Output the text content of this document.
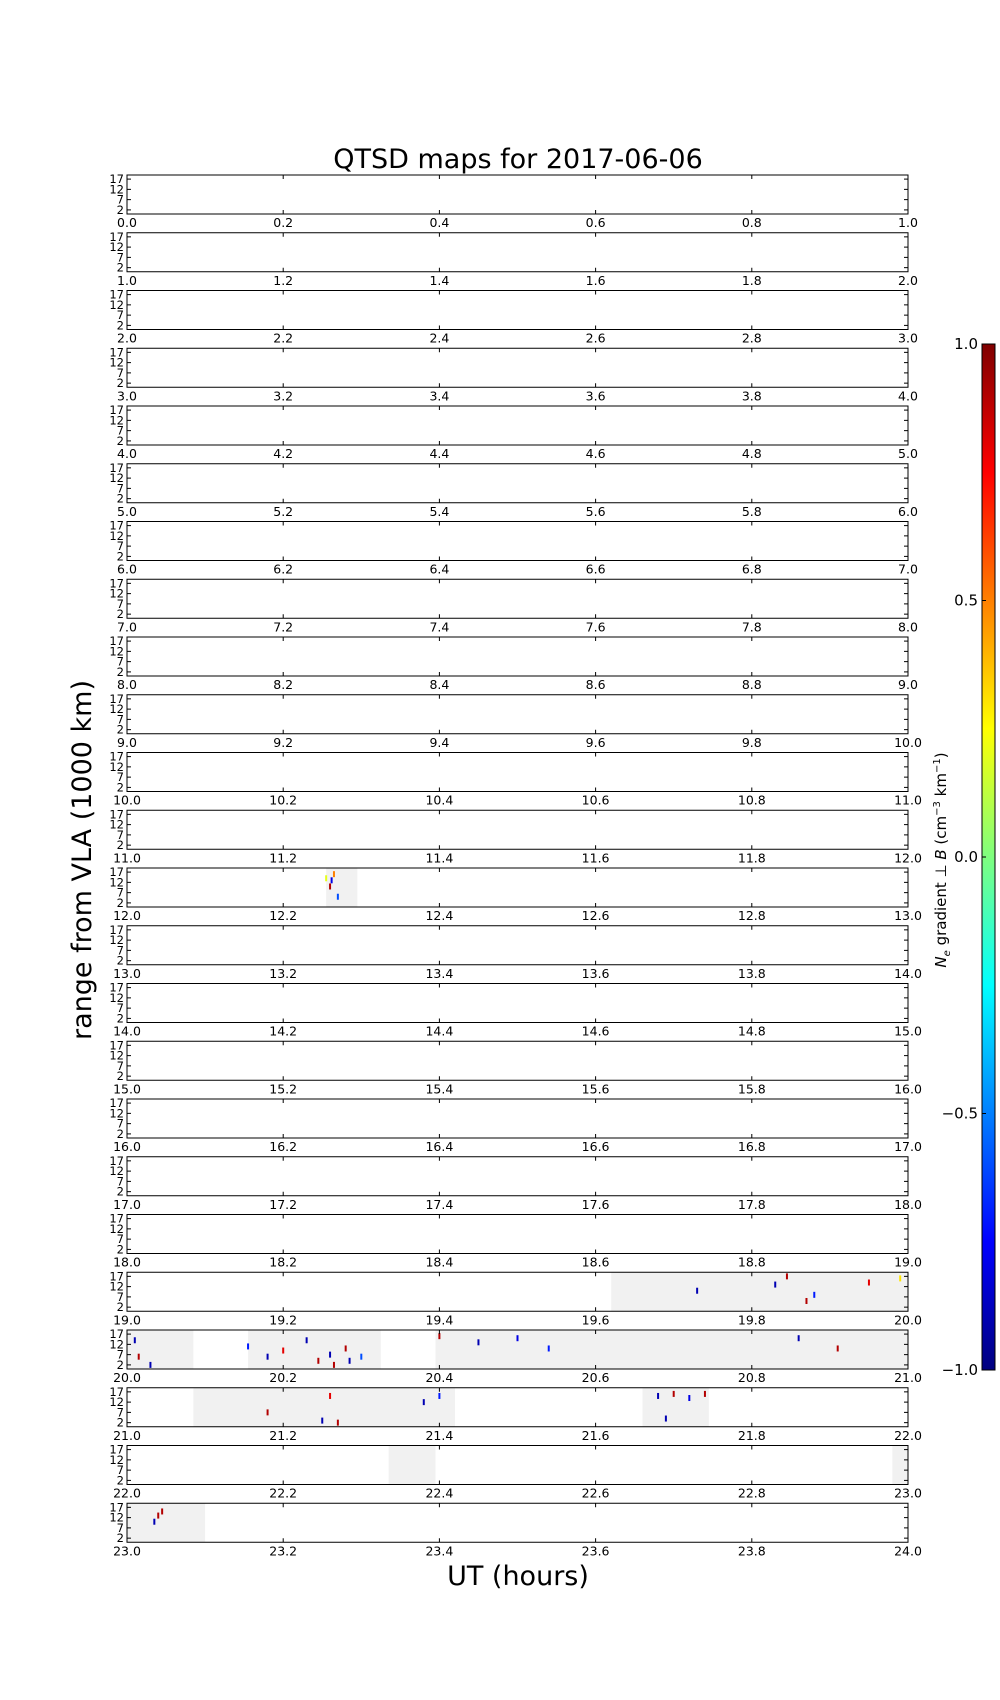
QTSD maps for 2017-06-06
2
7
12
17
0.0	0.2	0.4	0.6	0.8	1.0
2
7
12
17
1.0	1.2	1.4	1.6	1.8	2.0
2
7
12
17
2.0	2.2	2.4	2.6	2.8	3.0
2
7
12
17
3.0	3.2	3.4	3.6	3.8	4.0
2
7
12
17
4.0	4.2	4.4	4.6	4.8	5.0
2
7
12
17
5.0	5.2	5.4	5.6	5.8	6.0
2
7
12
17
6.0	6.2	6.4	6.6	6.8	7.0
2
7
12
17
7.0	7.2	7.4	7.6	7.8	8.0
2
7
12
17
8.0	8.2	8.4	8.6	8.8	9.0
2
7
12
17
9.0	9.2	9.4	9.6	9.8	10.0
2
7
12
17
10.0	10.2	10.4	10.6	10.8	11.0
2
7
12
17
11.0	11.2	11.4	11.6	11.8	12.0
2
7
12
17
12.0	12.2	12.4	12.6	12.8	13.0
2
7
12
17
13.0	13.2	13.4	13.6	13.8	14.0
2
7
12
17
14.0	14.2	14.4	14.6	14.8	15.0
2
7
12
17
15.0	15.2	15.4	15.6	15.8	16.0
2
7
12
17
16.0	16.2	16.4	16.6	16.8	17.0
2
7
12
17
17.0	17.2	17.4	17.6	17.8	18.0
2
7
12
17
18.0	18.2	18.4	18.6	18.8	19.0
2
7
12
17
19.0	19.2	19.4	19.6	19.8	20.0
2
7
12
17
20.0	20.2	20.4	20.6	20.8	21.0
2
7
12
17
21.0	21.2	21.4	21.6	21.8	22.0
2
7
12
17
22.0	22.2	22.4	22.6	22.8	23.0
2
7
12
17
23.0	23.2	23.4	23.6	23.8	24.0
range from VLA (1000 km)
UT (hours)
1.0
0.5
0.0
−0.5
−1.0
$N_e$ gradient ⊥ B ($cm^{-3}$ $km^{-1}$)
